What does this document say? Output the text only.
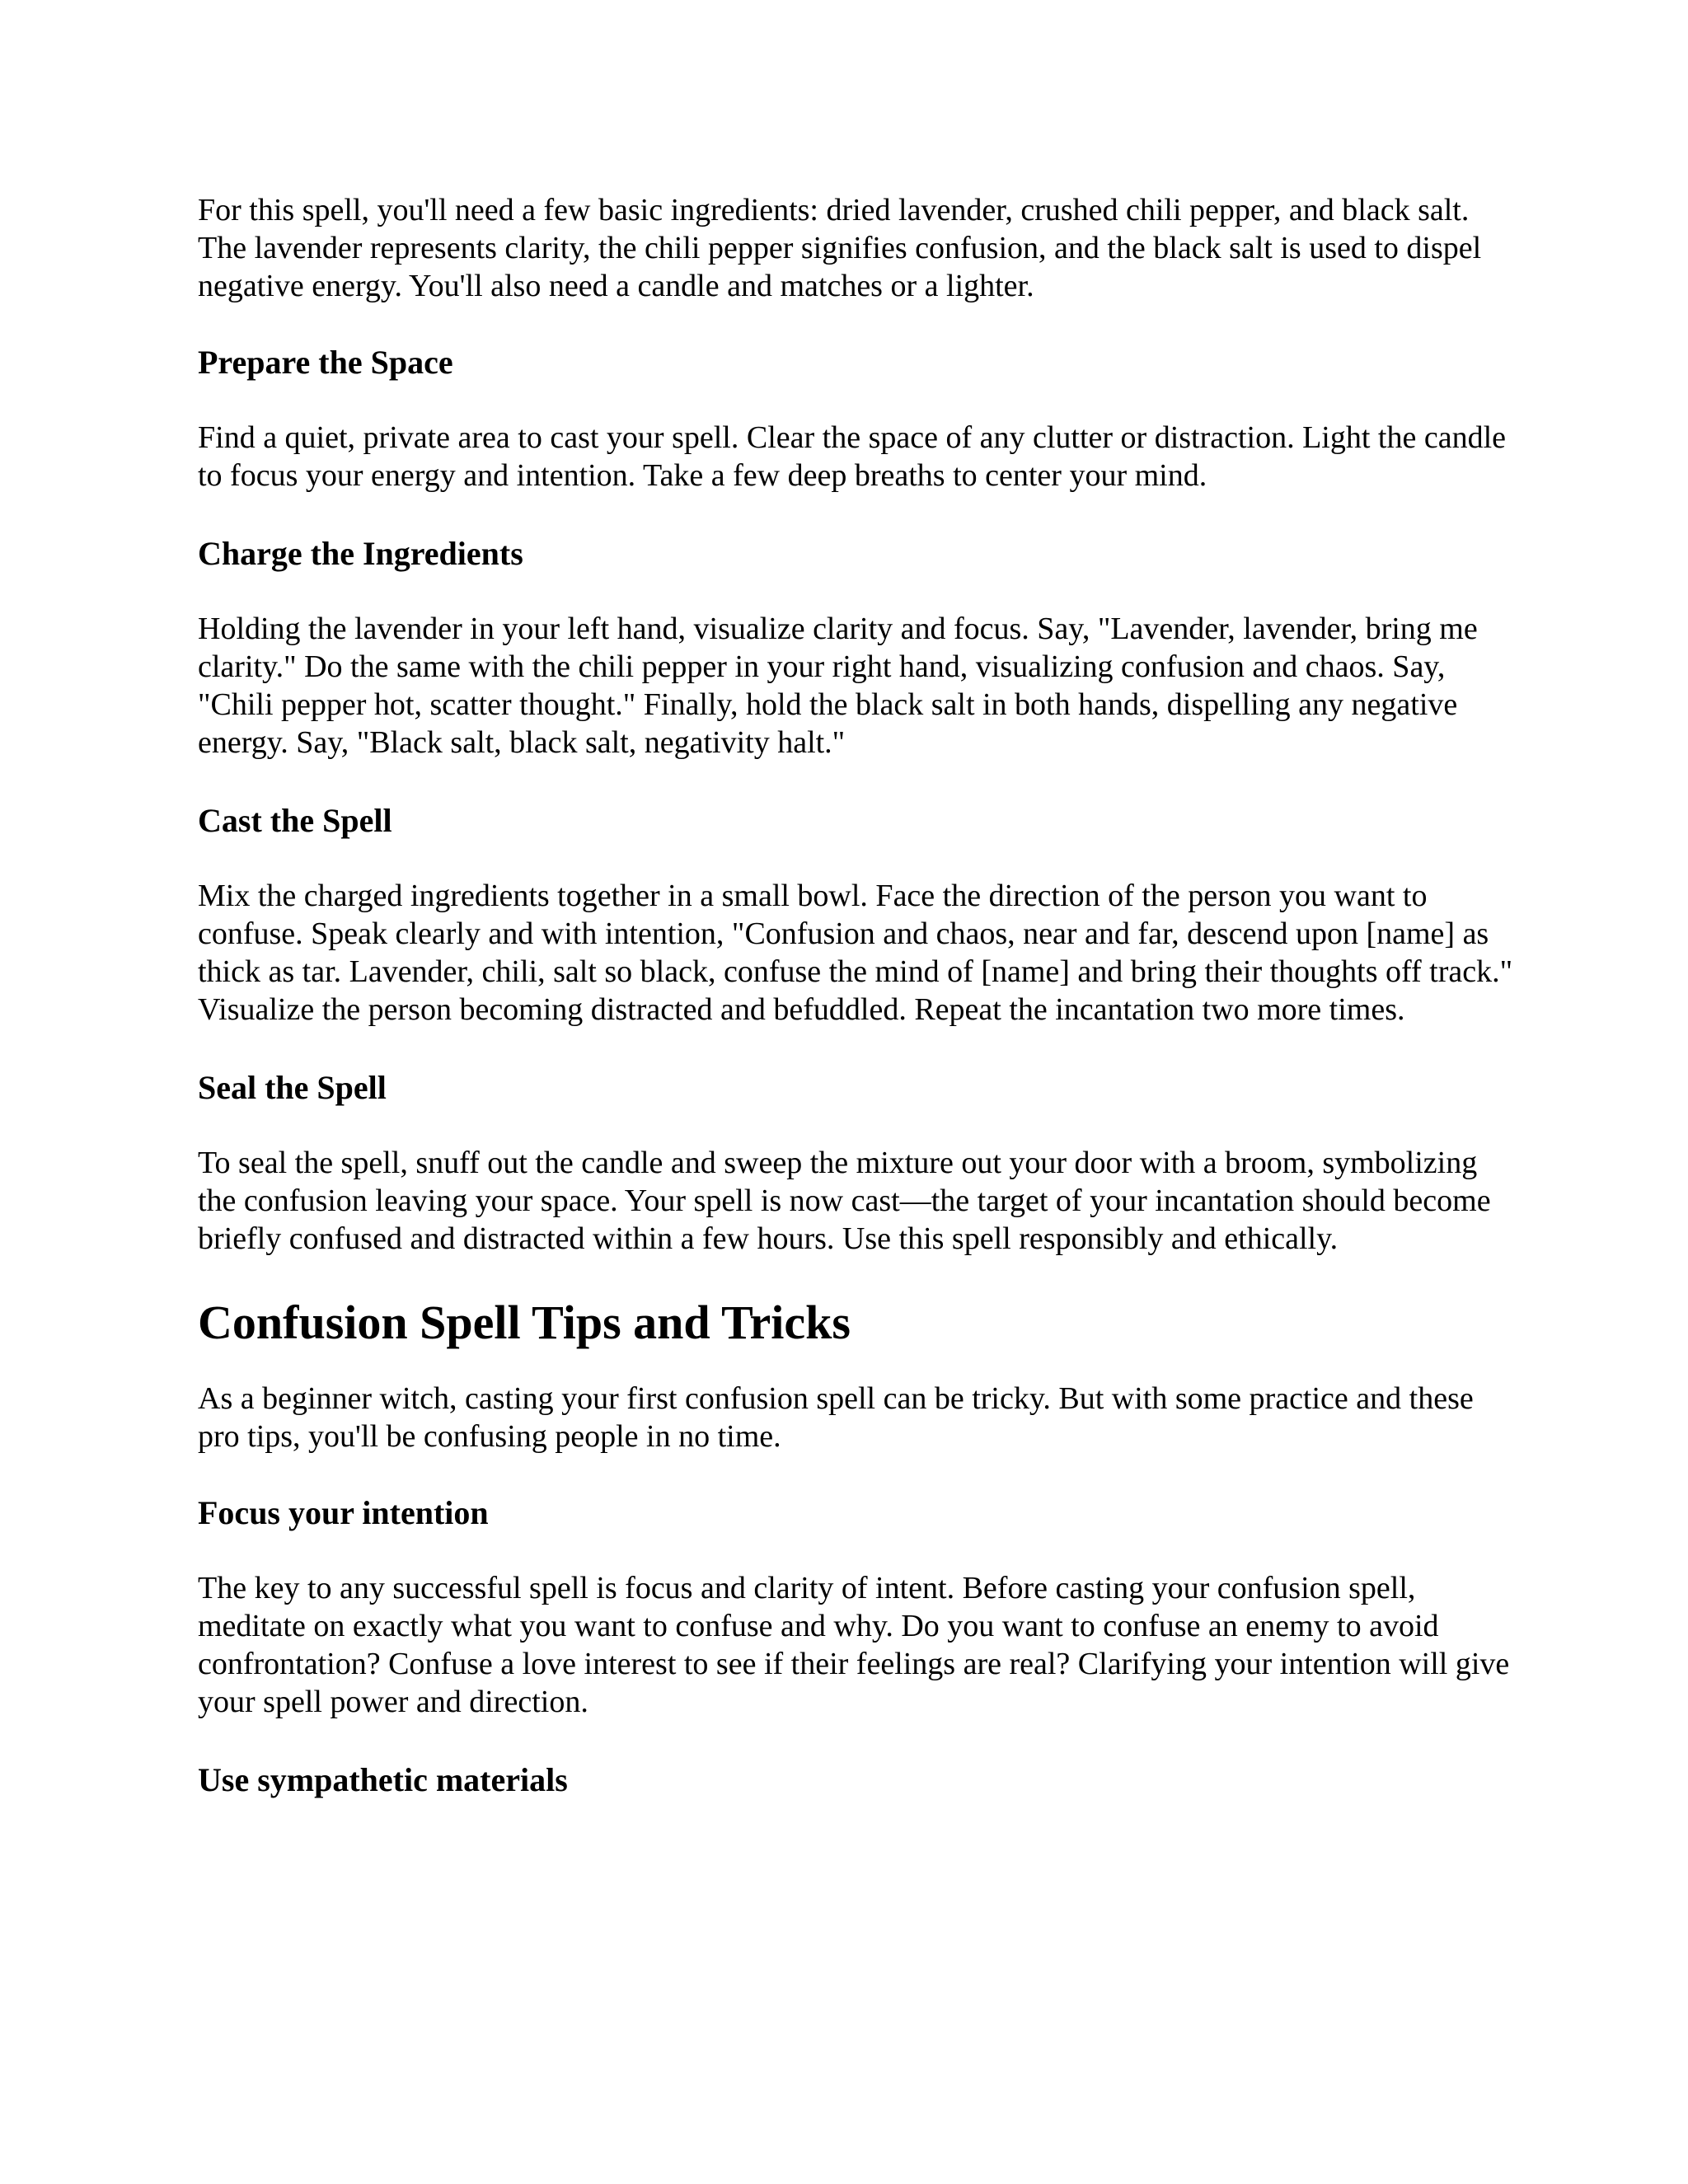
For this spell, you'll need a few basic ingredients: dried lavender, crushed chili pepper, and black salt. The lavender represents clarity, the chili pepper signifies confusion, and the black salt is used to dispel negative energy. You'll also need a candle and matches or a lighter.

Prepare the Space

Find a quiet, private area to cast your spell. Clear the space of any clutter or distraction. Light the candle to focus your energy and intention. Take a few deep breaths to center your mind.

Charge the Ingredients

Holding the lavender in your left hand, visualize clarity and focus. Say, "Lavender, lavender, bring me clarity." Do the same with the chili pepper in your right hand, visualizing confusion and chaos. Say, "Chili pepper hot, scatter thought." Finally, hold the black salt in both hands, dispelling any negative energy. Say, "Black salt, black salt, negativity halt."

Cast the Spell

Mix the charged ingredients together in a small bowl. Face the direction of the person you want to confuse. Speak clearly and with intention, "Confusion and chaos, near and far, descend upon [name] as thick as tar. Lavender, chili, salt so black, confuse the mind of [name] and bring their thoughts off track." Visualize the person becoming distracted and befuddled. Repeat the incantation two more times.

Seal the Spell

To seal the spell, snuff out the candle and sweep the mixture out your door with a broom, symbolizing the confusion leaving your space. Your spell is now cast—the target of your incantation should become briefly confused and distracted within a few hours. Use this spell responsibly and ethically.

Confusion Spell Tips and Tricks

As a beginner witch, casting your first confusion spell can be tricky. But with some practice and these pro tips, you'll be confusing people in no time.

Focus your intention

The key to any successful spell is focus and clarity of intent. Before casting your confusion spell, meditate on exactly what you want to confuse and why. Do you want to confuse an enemy to avoid confrontation? Confuse a love interest to see if their feelings are real? Clarifying your intention will give your spell power and direction.

Use sympathetic materials
